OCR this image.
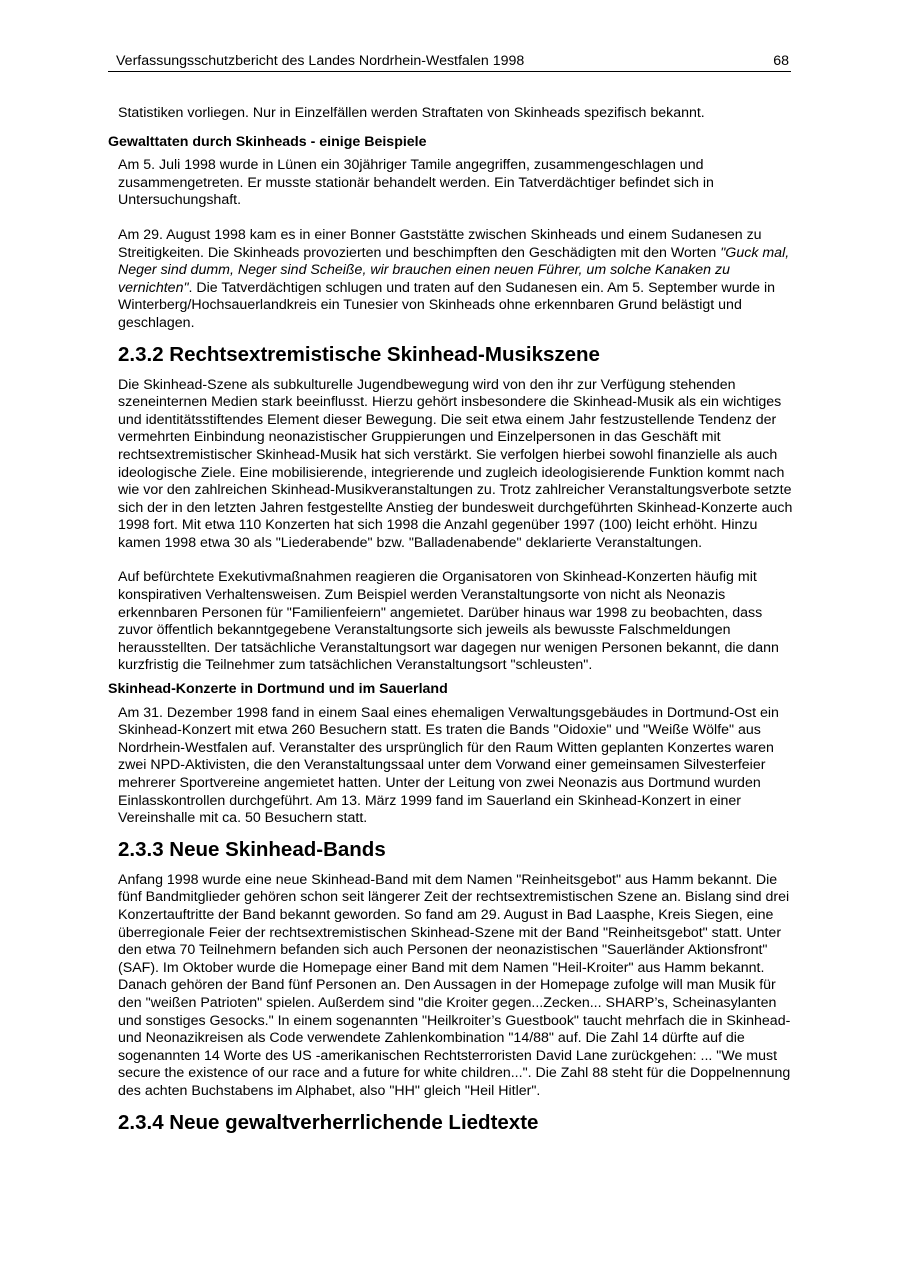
Verfassungsschutzbericht des Landes Nordrhein-Westfalen 1998	68

Statistiken vorliegen. Nur in Einzelfällen werden Straftaten von Skinheads spezifisch bekannt.

Gewalttaten durch Skinheads - einige Beispiele

Am 5. Juli 1998 wurde in Lünen ein 30jähriger Tamile angegriffen, zusammengeschlagen und zusammengetreten. Er musste stationär behandelt werden. Ein Tatverdächtiger befindet sich in Untersuchungshaft.

Am 29. August 1998 kam es in einer Bonner Gaststätte zwischen Skinheads und einem Sudanesen zu Streitigkeiten. Die Skinheads provozierten und beschimpften den Geschädigten mit den Worten "Guck mal, Neger sind dumm, Neger sind Scheiße, wir brauchen einen neuen Führer, um solche Kanaken zu vernichten". Die Tatverdächtigen schlugen und traten auf den Sudanesen ein. Am 5. September wurde in Winterberg/Hochsauerlandkreis ein Tunesier von Skinheads ohne erkennbaren Grund belästigt und geschlagen.

2.3.2 Rechtsextremistische Skinhead-Musikszene

Die Skinhead-Szene als subkulturelle Jugendbewegung wird von den ihr zur Verfügung stehenden szeneinternen Medien stark beeinflusst. Hierzu gehört insbesondere die Skinhead-Musik als ein wichtiges und identitätsstiftendes Element dieser Bewegung. Die seit etwa einem Jahr festzustellende Tendenz der vermehrten Einbindung neonazistischer Gruppierungen und Einzelpersonen in das Geschäft mit rechtsextremistischer Skinhead-Musik hat sich verstärkt. Sie verfolgen hierbei sowohl finanzielle als auch ideologische Ziele. Eine mobilisierende, integrierende und zugleich ideologisierende Funktion kommt nach wie vor den zahlreichen Skinhead-Musikveranstaltungen zu. Trotz zahlreicher Veranstaltungsverbote setzte sich der in den letzten Jahren festgestellte Anstieg der bundesweit durchgeführten Skinhead-Konzerte auch 1998 fort. Mit etwa 110 Konzerten hat sich 1998 die Anzahl gegenüber 1997 (100) leicht erhöht. Hinzu kamen 1998 etwa 30 als "Liederabende" bzw. "Balladenabende" deklarierte Veranstaltungen.

Auf befürchtete Exekutivmaßnahmen reagieren die Organisatoren von Skinhead-Konzerten häufig mit konspirativen Verhaltensweisen. Zum Beispiel werden Veranstaltungsorte von nicht als Neonazis erkennbaren Personen für "Familienfeiern" angemietet. Darüber hinaus war 1998 zu beobachten, dass zuvor öffentlich bekanntgegebene Veranstaltungsorte sich jeweils als bewusste Falschmeldungen herausstellten. Der tatsächliche Veranstaltungsort war dagegen nur wenigen Personen bekannt, die dann kurzfristig die Teilnehmer zum tatsächlichen Veranstaltungsort "schleusten".

Skinhead-Konzerte in Dortmund und im Sauerland

Am 31. Dezember 1998 fand in einem Saal eines ehemaligen Verwaltungsgebäudes in Dortmund-Ost ein Skinhead-Konzert mit etwa 260 Besuchern statt. Es traten die Bands "Oidoxie" und "Weiße Wölfe" aus Nordrhein-Westfalen auf. Veranstalter des ursprünglich für den Raum Witten geplanten Konzertes waren zwei NPD-Aktivisten, die den Veranstaltungssaal unter dem Vorwand einer gemeinsamen Silvesterfeier mehrerer Sportvereine angemietet hatten. Unter der Leitung von zwei Neonazis aus Dortmund wurden Einlasskontrollen durchgeführt. Am 13. März 1999 fand im Sauerland ein Skinhead-Konzert in einer Vereinshalle mit ca. 50 Besuchern statt.

2.3.3 Neue Skinhead-Bands

Anfang 1998 wurde eine neue Skinhead-Band mit dem Namen "Reinheitsgebot" aus Hamm bekannt. Die fünf Bandmitglieder gehören schon seit längerer Zeit der rechtsextremistischen Szene an. Bislang sind drei Konzertauftritte der Band bekannt geworden. So fand am 29. August in Bad Laasphe, Kreis Siegen, eine überregionale Feier der rechtsextremistischen Skinhead-Szene mit der Band "Reinheitsgebot" statt. Unter den etwa 70 Teilnehmern befanden sich auch Personen der neonazistischen "Sauerländer Aktionsfront" (SAF). Im Oktober wurde die Homepage einer Band mit dem Namen "Heil-Kroiter" aus Hamm bekannt. Danach gehören der Band fünf Personen an. Den Aussagen in der Homepage zufolge will man Musik für den "weißen Patrioten" spielen. Außerdem sind "die Kroiter gegen...Zecken... SHARP’s, Scheinasylanten und sonstiges Gesocks." In einem sogenannten "Heilkroiter’s Guestbook" taucht mehrfach die in Skinhead- und Neonazikreisen als Code verwendete Zahlenkombination "14/88" auf. Die Zahl 14 dürfte auf die sogenannten 14 Worte des US -amerikanischen Rechtsterroristen David Lane zurückgehen: ... "We must secure the existence of our race and a future for white children...". Die Zahl 88 steht für die Doppelnennung des achten Buchstabens im Alphabet, also "HH" gleich "Heil Hitler".

2.3.4 Neue gewaltverherrlichende Liedtexte
